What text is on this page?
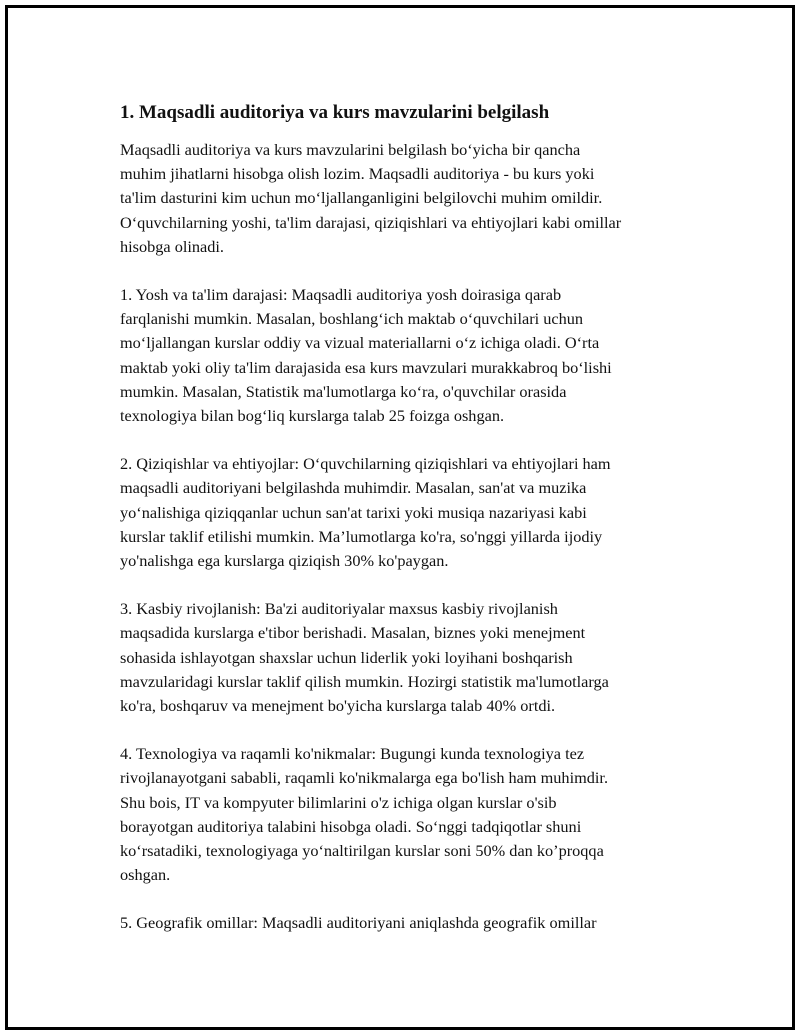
1. Maqsadli auditoriya va kurs mavzularini belgilash

Maqsadli auditoriya va kurs mavzularini belgilash bo‘yicha bir qancha
muhim jihatlarni hisobga olish lozim. Maqsadli auditoriya - bu kurs yoki
ta'lim dasturini kim uchun mo‘ljallanganligini belgilovchi muhim omildir.
O‘quvchilarning yoshi, ta'lim darajasi, qiziqishlari va ehtiyojlari kabi omillar
hisobga olinadi.

1. Yosh va ta'lim darajasi: Maqsadli auditoriya yosh doirasiga qarab
farqlanishi mumkin. Masalan, boshlang‘ich maktab o‘quvchilari uchun
mo‘ljallangan kurslar oddiy va vizual materiallarni o‘z ichiga oladi. O‘rta
maktab yoki oliy ta'lim darajasida esa kurs mavzulari murakkabroq bo‘lishi
mumkin. Masalan, Statistik ma'lumotlarga ko‘ra, o'quvchilar orasida
texnologiya bilan bog‘liq kurslarga talab 25 foizga oshgan.

2. Qiziqishlar va ehtiyojlar: O‘quvchilarning qiziqishlari va ehtiyojlari ham
maqsadli auditoriyani belgilashda muhimdir. Masalan, san'at va muzika
yo‘nalishiga qiziqqanlar uchun san'at tarixi yoki musiqa nazariyasi kabi
kurslar taklif etilishi mumkin. Ma’lumotlarga ko'ra, so'nggi yillarda ijodiy
yo'nalishga ega kurslarga qiziqish 30% ko'paygan.

3. Kasbiy rivojlanish: Ba'zi auditoriyalar maxsus kasbiy rivojlanish
maqsadida kurslarga e'tibor berishadi. Masalan, biznes yoki menejment
sohasida ishlayotgan shaxslar uchun liderlik yoki loyihani boshqarish
mavzularidagi kurslar taklif qilish mumkin. Hozirgi statistik ma'lumotlarga
ko'ra, boshqaruv va menejment bo'yicha kurslarga talab 40% ortdi.

4. Texnologiya va raqamli ko'nikmalar: Bugungi kunda texnologiya tez
rivojlanayotgani sababli, raqamli ko'nikmalarga ega bo'lish ham muhimdir.
Shu bois, IT va kompyuter bilimlarini o'z ichiga olgan kurslar o'sib
borayotgan auditoriya talabini hisobga oladi. So‘nggi tadqiqotlar shuni
ko‘rsatadiki, texnologiyaga yo‘naltirilgan kurslar soni 50% dan ko’proqqa
oshgan.

5. Geografik omillar: Maqsadli auditoriyani aniqlashda geografik omillar
